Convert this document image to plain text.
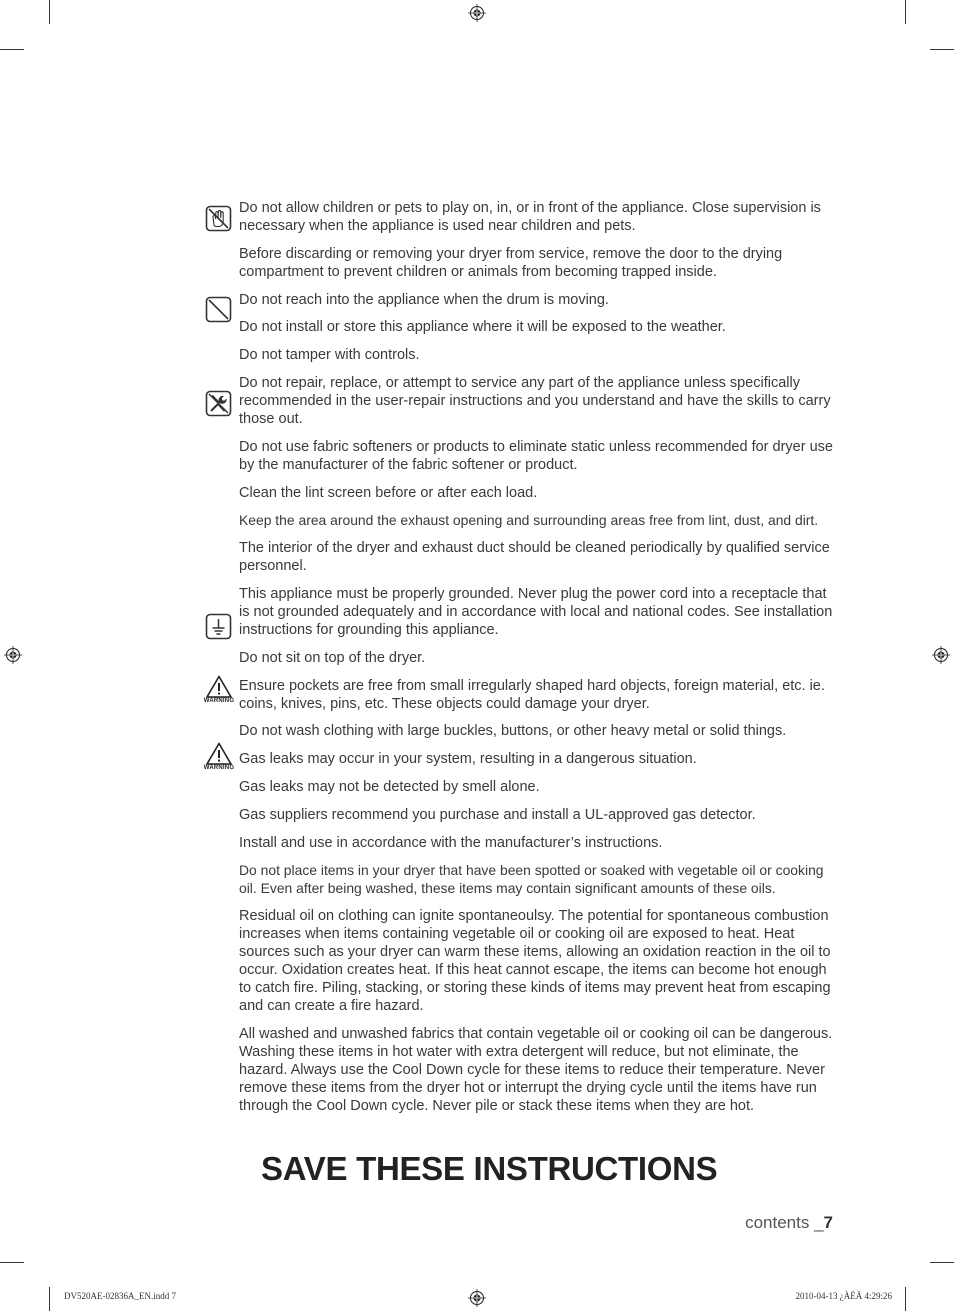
WARNING
WARNING

Do not allow children or pets to play on, in, or in front of the appliance. Close supervision is necessary when the appliance is used near children and pets.

Before discarding or removing your dryer from service, remove the door to the drying compartment to prevent children or animals from becoming trapped inside.

Do not reach into the appliance when the drum is moving.

Do not install or store this appliance where it will be exposed to the weather.

Do not tamper with controls.

Do not repair, replace, or attempt to service any part of the appliance unless specifically recommended in the user-repair instructions and you understand and have the skills to carry those out.

Do not use fabric softeners or products to eliminate static unless recommended for dryer use by the manufacturer of the fabric softener or product.

Clean the lint screen before or after each load.

Keep the area around the exhaust opening and surrounding areas free from lint, dust, and dirt.

The interior of the dryer and exhaust duct should be cleaned periodically by qualified service personnel.

This appliance must be properly grounded. Never plug the power cord into a receptacle that is not grounded adequately and in accordance with local and national codes. See installation instructions for grounding this appliance.

Do not sit on top of the dryer.

Ensure pockets are free from small irregularly shaped hard objects, foreign material, etc. ie. coins, knives, pins, etc. These objects could damage your dryer.

Do not wash clothing with large buckles, buttons, or other heavy metal or solid things.

Gas leaks may occur in your system, resulting in a dangerous situation.

Gas leaks may not be detected by smell alone.

Gas suppliers recommend you purchase and install a UL-approved gas detector.

Install and use in accordance with the manufacturer’s instructions.

Do not place items in your dryer that have been spotted or soaked with vegetable oil or cooking oil. Even after being washed, these items may contain significant amounts of these oils.

Residual oil on clothing can ignite spontaneoulsy. The potential for spontaneous combustion increases when items containing vegetable oil or cooking oil are exposed to heat. Heat sources such as your dryer can warm these items, allowing an oxidation reaction in the oil to occur. Oxidation creates heat. If this heat cannot escape, the items can become hot enough to catch fire. Piling, stacking, or storing these kinds of items may prevent heat from escaping and can create a fire hazard.

All washed and unwashed fabrics that contain vegetable oil or cooking oil can be dangerous. Washing these items in hot water with extra detergent will reduce, but not eliminate, the hazard. Always use the Cool Down cycle for these items to reduce their temperature. Never remove these items from the dryer hot or interrupt the drying cycle until the items have run through the Cool Down cycle. Never pile or stack these items when they are hot.

SAVE THESE INSTRUCTIONS
contents _7
DV520AE-02836A_EN.indd 7	2010-04-13 ¿ÀÈÄ 4:29:26
